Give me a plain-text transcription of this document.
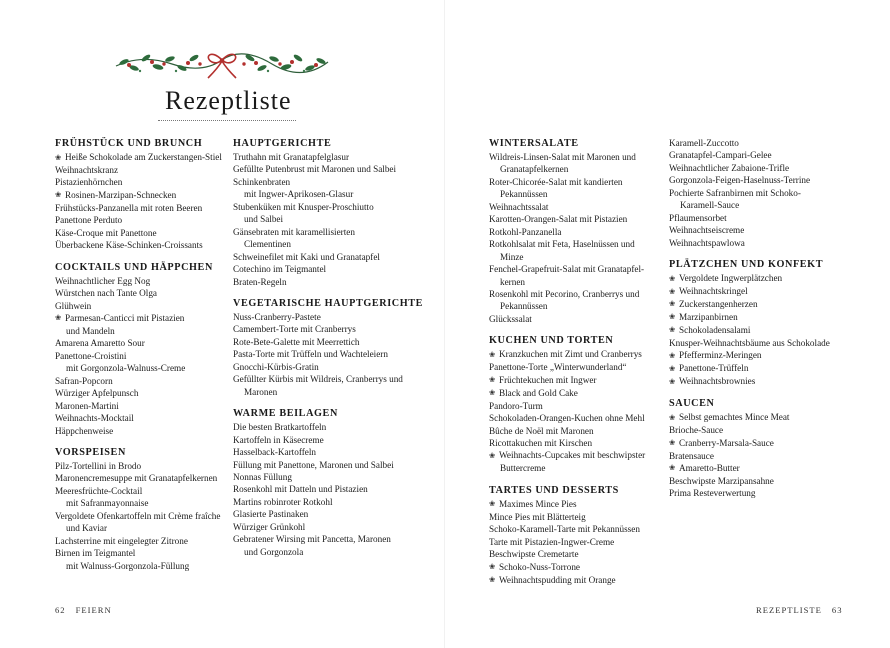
Rezeptliste
FRÜHSTÜCK UND BRUNCH
❀ Heiße Schokolade am Zuckerstangen-Stiel
Weihnachtskranz
Pistazienhörnchen
❀ Rosinen-Marzipan-Schnecken
Frühstücks-Panzanella mit roten Beeren
Panettone Perduto
Käse-Croque mit Panettone
Überbackene Käse-Schinken-Croissants
COCKTAILS UND HÄPPCHEN
Weihnachtlicher Egg Nog
Würstchen nach Tante Olga
Glühwein
❀ Parmesan-Canticci mit Pistazien
und Mandeln
Amarena Amaretto Sour
Panettone-Croistini
mit Gorgonzola-Walnuss-Creme
Safran-Popcorn
Würziger Apfelpunsch
Maronen-Martini
Weihnachts-Mocktail
Häppchenweise
VORSPEISEN
Pilz-Tortellini in Brodo
Maronencremesuppe mit Granatapfelkernen
Meeresfrüchte-Cocktail
mit Safranmayonnaise
Vergoldete Ofenkartoffeln mit Crème fraîche
und Kaviar
Lachsterrine mit eingelegter Zitrone
Birnen im Teigmantel
mit Walnuss-Gorgonzola-Füllung
HAUPTGERICHTE
Truthahn mit Granatapfelglasur
Gefüllte Putenbrust mit Maronen und Salbei
Schinkenbraten
mit Ingwer-Aprikosen-Glasur
Stubenküken mit Knusper-Proschiutto
und Salbei
Gänsebraten mit karamellisierten
Clementinen
Schweinefilet mit Kaki und Granatapfel
Cotechino im Teigmantel
Braten-Regeln
VEGETARISCHE HAUPTGERICHTE
Nuss-Cranberry-Pastete
Camembert-Torte mit Cranberrys
Rote-Bete-Galette mit Meerrettich
Pasta-Torte mit Trüffeln und Wachteleiern
Gnocchi-Kürbis-Gratin
Gefüllter Kürbis mit Wildreis, Cranberrys und
Maronen
WARME BEILAGEN
Die besten Bratkartoffeln
Kartoffeln in Käsecreme
Hasselback-Kartoffeln
Füllung mit Panettone, Maronen und Salbei
Nonnas Füllung
Rosenkohl mit Datteln und Pistazien
Martins robinroter Rotkohl
Glasierte Pastinaken
Würziger Grünkohl
Gebratener Wirsing mit Pancetta, Maronen
und Gorgonzola
62 FEIERN
WINTERSALATE
Wildreis-Linsen-Salat mit Maronen und
Granatapfelkernen
Roter-Chicorée-Salat mit kandierten
Pekannüssen
Weihnachtssalat
Karotten-Orangen-Salat mit Pistazien
Rotkohl-Panzanella
Rotkohlsalat mit Feta, Haselnüssen und
Minze
Fenchel-Grapefruit-Salat mit Granatapfel-
kernen
Rosenkohl mit Pecorino, Cranberrys und
Pekannüssen
Glückssalat
KUCHEN UND TORTEN
❀ Kranzkuchen mit Zimt und Cranberrys
Panettone-Torte „Winterwunderland“
❀ Früchtekuchen mit Ingwer
❀ Black and Gold Cake
Pandoro-Turm
Schokoladen-Orangen-Kuchen ohne Mehl
Bûche de Noël mit Maronen
Ricottakuchen mit Kirschen
❀ Weihnachts-Cupcakes mit beschwipster
Buttercreme
TARTES UND DESSERTS
❀ Maximes Mince Pies
Mince Pies mit Blätterteig
Schoko-Karamell-Tarte mit Pekannüssen
Tarte mit Pistazien-Ingwer-Creme
Beschwipste Cremetarte
❀ Schoko-Nuss-Torrone
❀ Weihnachtspudding mit Orange
Karamell-Zuccotto
Granatapfel-Campari-Gelee
Weihnachtlicher Zabaione-Trifle
Gorgonzola-Feigen-Haselnuss-Terrine
Pochierte Safranbirnen mit Schoko-
Karamell-Sauce
Pflaumensorbet
Weihnachtseiscreme
Weihnachtspawlowa
PLÄTZCHEN UND KONFEKT
❀ Vergoldete Ingwerplätzchen
❀ Weihnachtskringel
❀ Zuckerstangenherzen
❀ Marzipanbirnen
❀ Schokoladensalami
Knusper-Weihnachtsbäume aus Schokolade
❀ Pfefferminz-Meringen
❀ Panettone-Trüffeln
❀ Weihnachtsbrownies
SAUCEN
❀ Selbst gemachtes Mince Meat
Brioche-Sauce
❀ Cranberry-Marsala-Sauce
Bratensauce
❀ Amaretto-Butter
Beschwipste Marzipansahne
Prima Resteverwertung
REZEPTLISTE 63
